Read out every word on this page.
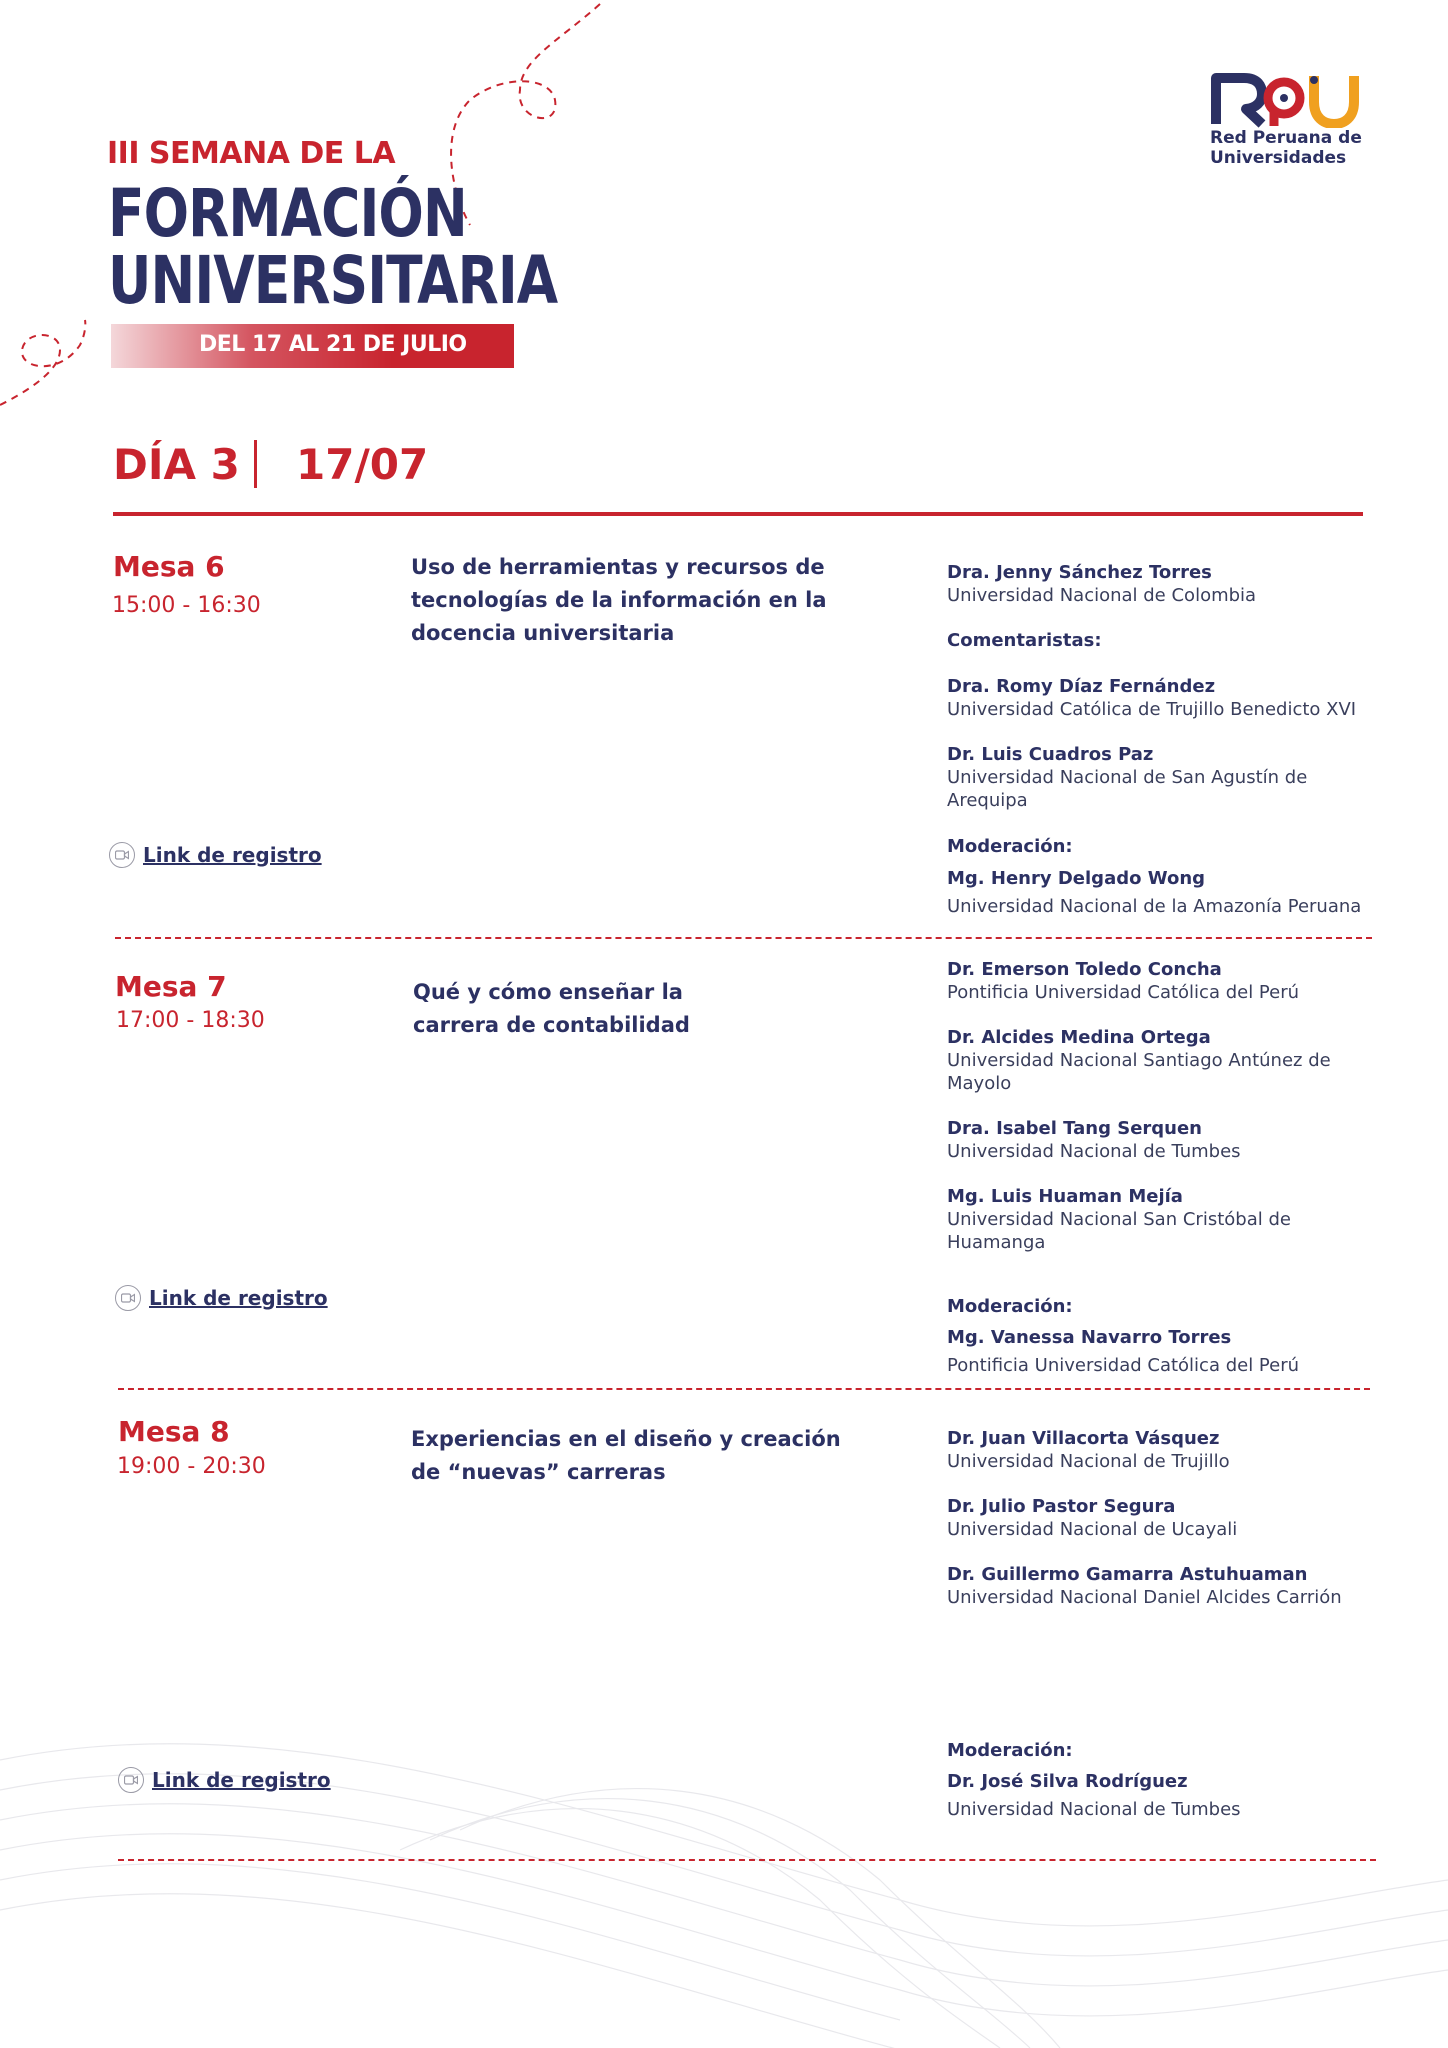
III SEMANA DE LA
FORMACIÓN
UNIVERSITARIA
DEL 17 AL 21 DE JULIO
Red Peruana de
Universidades
DÍA 3 17/07
Mesa 6
15:00 - 16:30
Uso de herramientas y recursos de tecnologías de la información en la docencia universitaria
Dra. Jenny Sánchez Torres
Universidad Nacional de Colombia
Comentaristas:
Dra. Romy Díaz Fernández
Universidad Católica de Trujillo Benedicto XVI
Dr. Luis Cuadros Paz
Universidad Nacional de San Agustín de Arequipa
Moderación:
Mg. Henry Delgado Wong
Universidad Nacional de la Amazonía Peruana
Link de registro
Mesa 7
17:00 - 18:30
Qué y cómo enseñar la carrera de contabilidad
Dr. Emerson Toledo Concha
Pontificia Universidad Católica del Perú
Dr. Alcides Medina Ortega
Universidad Nacional Santiago Antúnez de Mayolo
Dra. Isabel Tang Serquen
Universidad Nacional de Tumbes
Mg. Luis Huaman Mejía
Universidad Nacional San Cristóbal de Huamanga
Moderación:
Mg. Vanessa Navarro Torres
Pontificia Universidad Católica del Perú
Link de registro
Mesa 8
19:00 - 20:30
Experiencias en el diseño y creación de “nuevas” carreras
Dr. Juan Villacorta Vásquez
Universidad Nacional de Trujillo
Dr. Julio Pastor Segura
Universidad Nacional de Ucayali
Dr. Guillermo Gamarra Astuhuaman
Universidad Nacional Daniel Alcides Carrión
Moderación:
Dr. José Silva Rodríguez
Universidad Nacional de Tumbes
Link de registro
